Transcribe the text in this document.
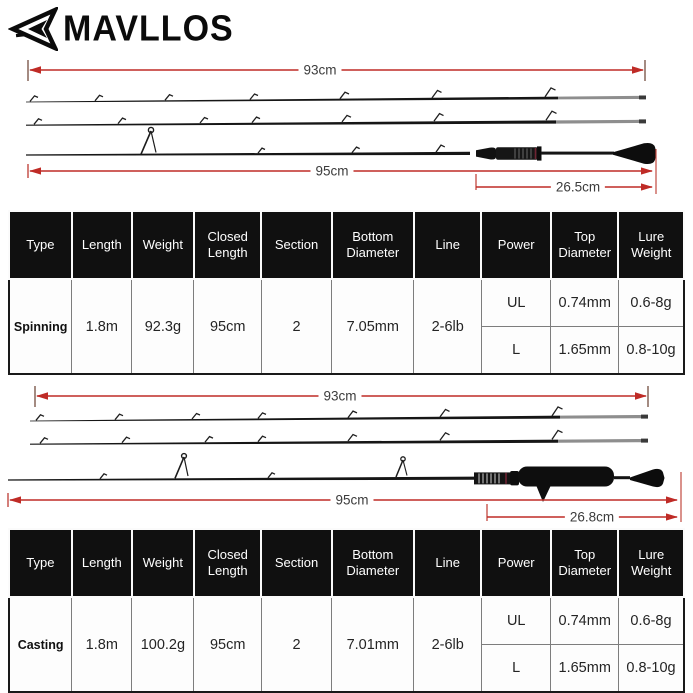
MAVLLOS
93cm
95cm
26.5cm
Type	Length	Weight	Closed Length	Section	Bottom Diameter	Line	Power	Top Diameter	Lure Weight
Spinning	1.8m	92.3g	95cm	2	7.05mm	2-6lb	UL	0.74mm	0.6-8g
							L	1.65mm	0.8-10g
93cm
95cm
26.8cm
Type	Length	Weight	Closed Length	Section	Bottom Diameter	Line	Power	Top Diameter	Lure Weight
Casting	1.8m	100.2g	95cm	2	7.01mm	2-6lb	UL	0.74mm	0.6-8g
							L	1.65mm	0.8-10g
